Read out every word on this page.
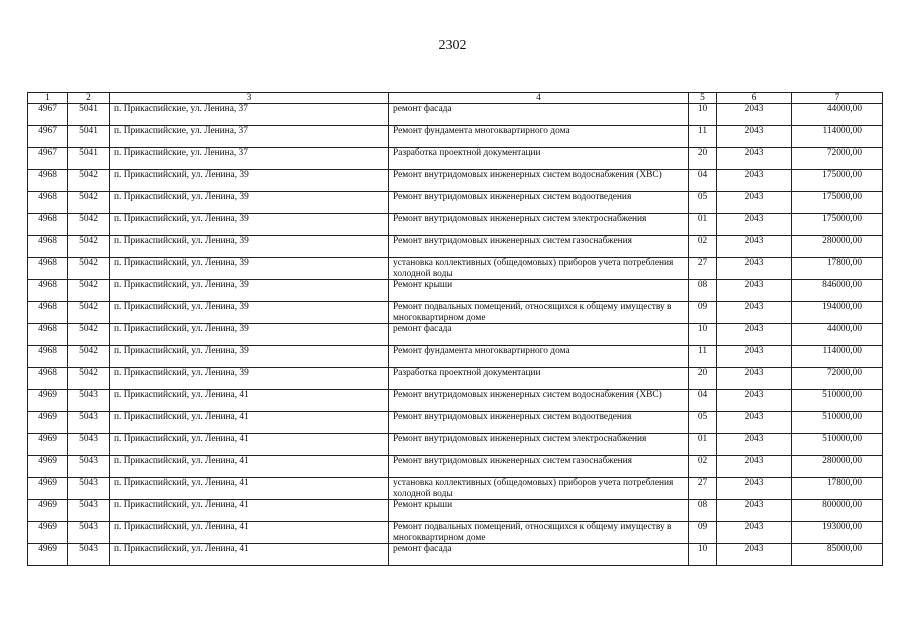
2302
1	2	3	4	5	6	7
4967	5041	п. Прикаспийские, ул. Ленина, 37	ремонт фасада	10	2043	44000,00
4967	5041	п. Прикаспийские, ул. Ленина, 37	Ремонт фундамента многоквартирного дома	11	2043	114000,00
4967	5041	п. Прикаспийские, ул. Ленина, 37	Разработка проектной документации	20	2043	72000,00
4968	5042	п. Прикаспийский, ул. Ленина, 39	Ремонт внутридомовых инженерных систем водоснабжения (ХВС)	04	2043	175000,00
4968	5042	п. Прикаспийский, ул. Ленина, 39	Ремонт внутридомовых инженерных систем водоотведения	05	2043	175000,00
4968	5042	п. Прикаспийский, ул. Ленина, 39	Ремонт внутридомовых инженерных систем электроснабжения	01	2043	175000,00
4968	5042	п. Прикаспийский, ул. Ленина, 39	Ремонт внутридомовых инженерных систем газоснабжения	02	2043	280000,00
4968	5042	п. Прикаспийский, ул. Ленина, 39	установка коллективных (общедомовых) приборов учета потребления холодной воды	27	2043	17800,00
4968	5042	п. Прикаспийский, ул. Ленина, 39	Ремонт крыши	08	2043	846000,00
4968	5042	п. Прикаспийский, ул. Ленина, 39	Ремонт подвальных помещений, относящихся к общему имуществу в многоквартирном доме	09	2043	194000,00
4968	5042	п. Прикаспийский, ул. Ленина, 39	ремонт фасада	10	2043	44000,00
4968	5042	п. Прикаспийский, ул. Ленина, 39	Ремонт фундамента многоквартирного дома	11	2043	114000,00
4968	5042	п. Прикаспийский, ул. Ленина, 39	Разработка проектной документации	20	2043	72000,00
4969	5043	п. Прикаспийский, ул. Ленина, 41	Ремонт внутридомовых инженерных систем водоснабжения (ХВС)	04	2043	510000,00
4969	5043	п. Прикаспийский, ул. Ленина, 41	Ремонт внутридомовых инженерных систем водоотведения	05	2043	510000,00
4969	5043	п. Прикаспийский, ул. Ленина, 41	Ремонт внутридомовых инженерных систем электроснабжения	01	2043	510000,00
4969	5043	п. Прикаспийский, ул. Ленина, 41	Ремонт внутридомовых инженерных систем газоснабжения	02	2043	280000,00
4969	5043	п. Прикаспийский, ул. Ленина, 41	установка коллективных (общедомовых) приборов учета потребления холодной воды	27	2043	17800,00
4969	5043	п. Прикаспийский, ул. Ленина, 41	Ремонт крыши	08	2043	800000,00
4969	5043	п. Прикаспийский, ул. Ленина, 41	Ремонт подвальных помещений, относящихся к общему имуществу в многоквартирном доме	09	2043	193000,00
4969	5043	п. Прикаспийский, ул. Ленина, 41	ремонт фасада	10	2043	85000,00
